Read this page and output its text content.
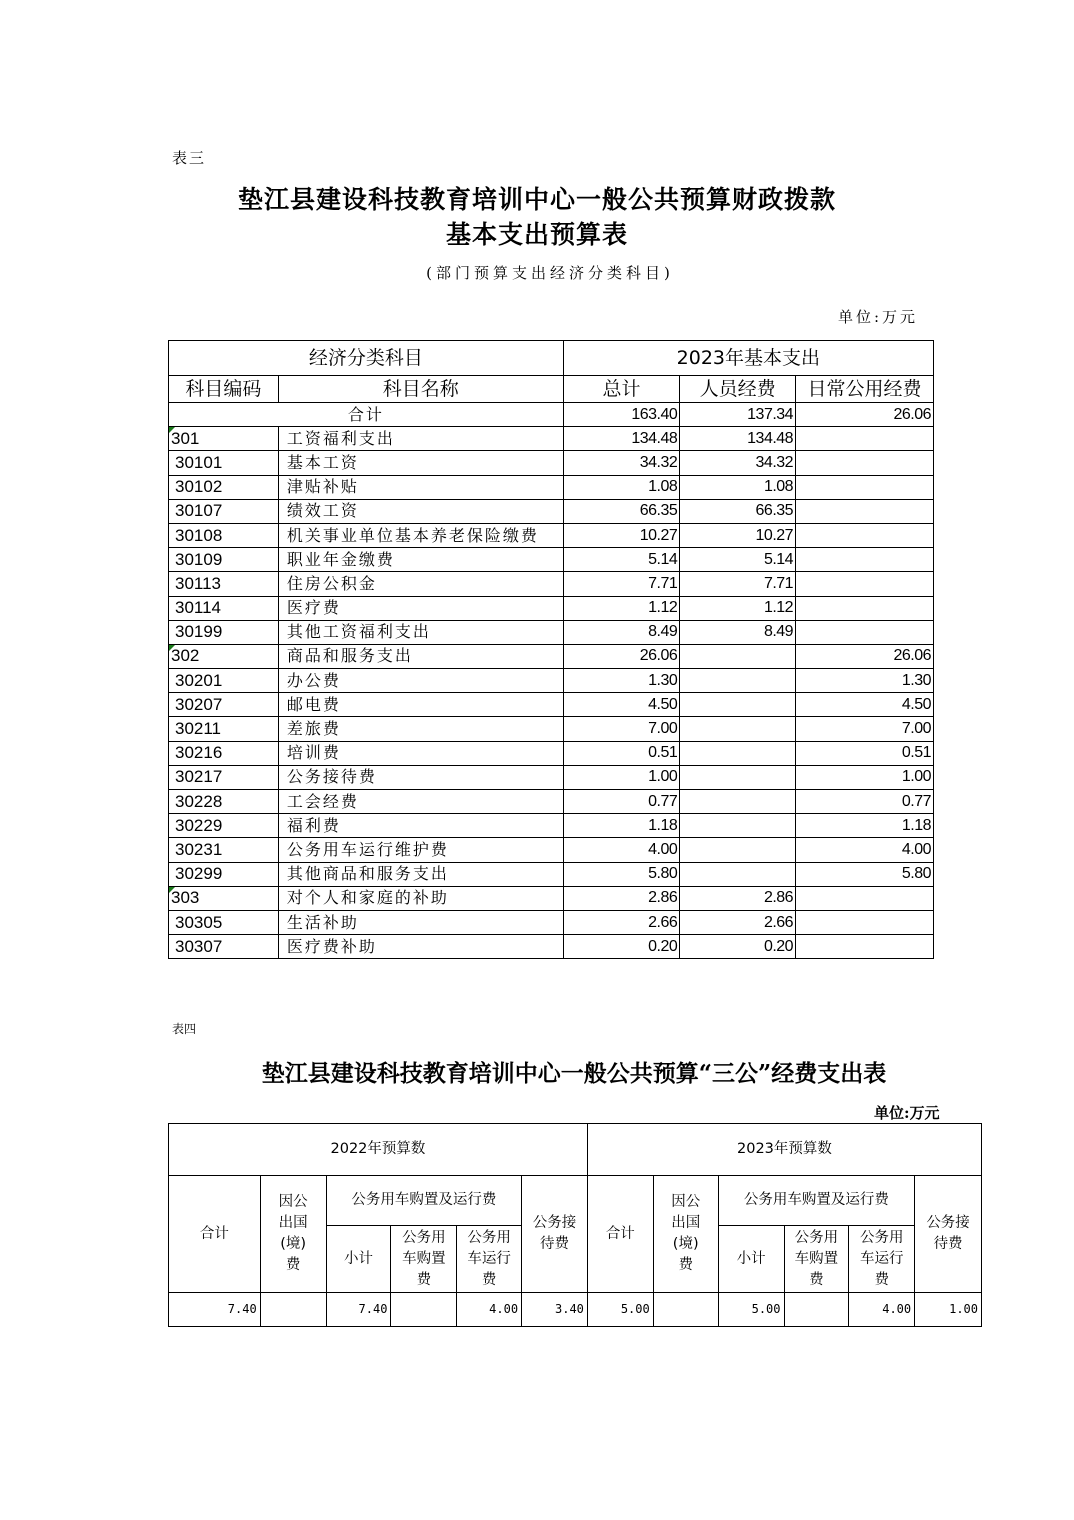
表三
垫江县建设科技教育培训中心一般公共预算财政拨款
基本支出预算表
(部门预算支出经济分类科目)
单位:万元
经济分类科目		2023年基本支出		
科目编码	科目名称	总计	人员经费	日常公用经费
合计		163.40	137.34	26.06
301	工资福利支出	134.48	134.48	
30101	基本工资	34.32	34.32	
30102	津贴补贴	1.08	1.08	
30107	绩效工资	66.35	66.35	
30108	机关事业单位基本养老保险缴费	10.27	10.27	
30109	职业年金缴费	5.14	5.14	
30113	住房公积金	7.71	7.71	
30114	医疗费	1.12	1.12	
30199	其他工资福利支出	8.49	8.49	
302	商品和服务支出	26.06		26.06
30201	办公费	1.30		1.30
30207	邮电费	4.50		4.50
30211	差旅费	7.00		7.00
30216	培训费	0.51		0.51
30217	公务接待费	1.00		1.00
30228	工会经费	0.77		0.77
30229	福利费	1.18		1.18
30231	公务用车运行维护费	4.00		4.00
30299	其他商品和服务支出	5.80		5.80
303	对个人和家庭的补助	2.86	2.86	
30305	生活补助	2.66	2.66	
30307	医疗费补助	0.20	0.20	
表四
垫江县建设科技教育培训中心一般公共预算“三公”经费支出表
单位:万元
2022年预算数						2023年预算数					
合计	因公出国(境)费	公务用车购置及运行费			公务接待费	合计	因公出国(境)费	公务用车购置及运行费			公务接待费
		小计	公务用车购置费	公务用车运行费				小计	公务用车购置费	公务用车运行费	
7.40		7.40		4.00	3.40	5.00		5.00		4.00	1.00
